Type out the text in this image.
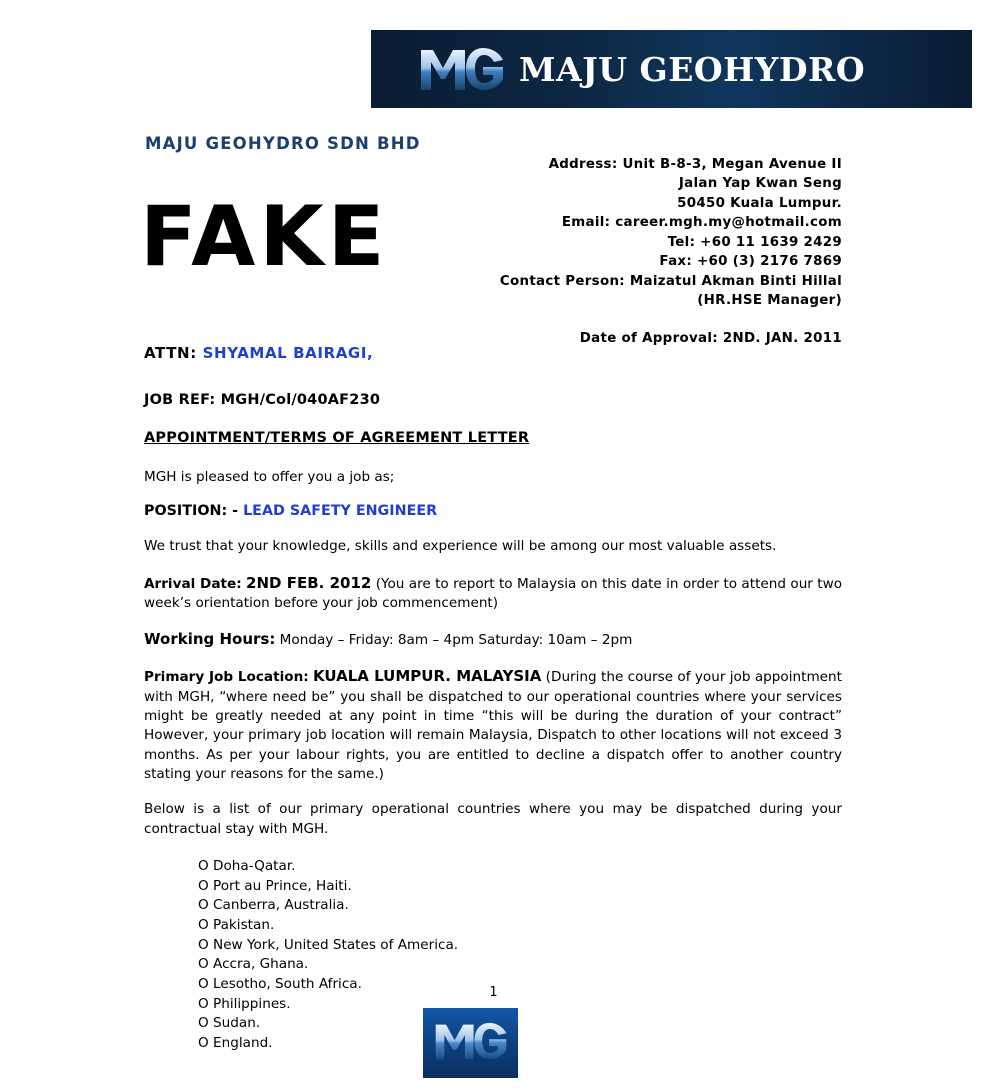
MAJU GEOHYDRO
MAJU GEOHYDRO SDN BHD
FAKE
Address: Unit B-8-3, Megan Avenue II
Jalan Yap Kwan Seng
50450 Kuala Lumpur.
Email: career.mgh.my@hotmail.com
Tel: +60 11 1639 2429
Fax: +60 (3) 2176 7869
Contact Person: Maizatul Akman Binti Hillal
(HR.HSE Manager)
Date of Approval: 2ND. JAN. 2011
ATTN: SHYAMAL BAIRAGI,
JOB REF: MGH/Col/040AF230
APPOINTMENT/TERMS OF AGREEMENT LETTER

MGH is pleased to offer you a job as;

POSITION: - LEAD SAFETY ENGINEER

We trust that your knowledge, skills and experience will be among our most valuable assets.

Arrival Date: 2ND FEB. 2012 (You are to report to Malaysia on this date in order to attend our two week’s orientation before your job commencement)

Working Hours: Monday – Friday: 8am – 4pm Saturday: 10am – 2pm

Primary Job Location: KUALA LUMPUR. MALAYSIA (During the course of your job appointment with MGH, “where need be” you shall be dispatched to our operational countries where your services might be greatly needed at any point in time “this will be during the duration of your contract” However, your primary job location will remain Malaysia, Dispatch to other locations will not exceed 3 months. As per your labour rights, you are entitled to decline a dispatch offer to another country stating your reasons for the same.)

Below is a list of our primary operational countries where you may be dispatched during your contractual stay with MGH.

O Doha-Qatar.
O Port au Prince, Haiti.
O Canberra, Australia.
O Pakistan.
O New York, United States of America.
O Accra, Ghana.
O Lesotho, South Africa.
O Philippines.
O Sudan.
O England.
1
